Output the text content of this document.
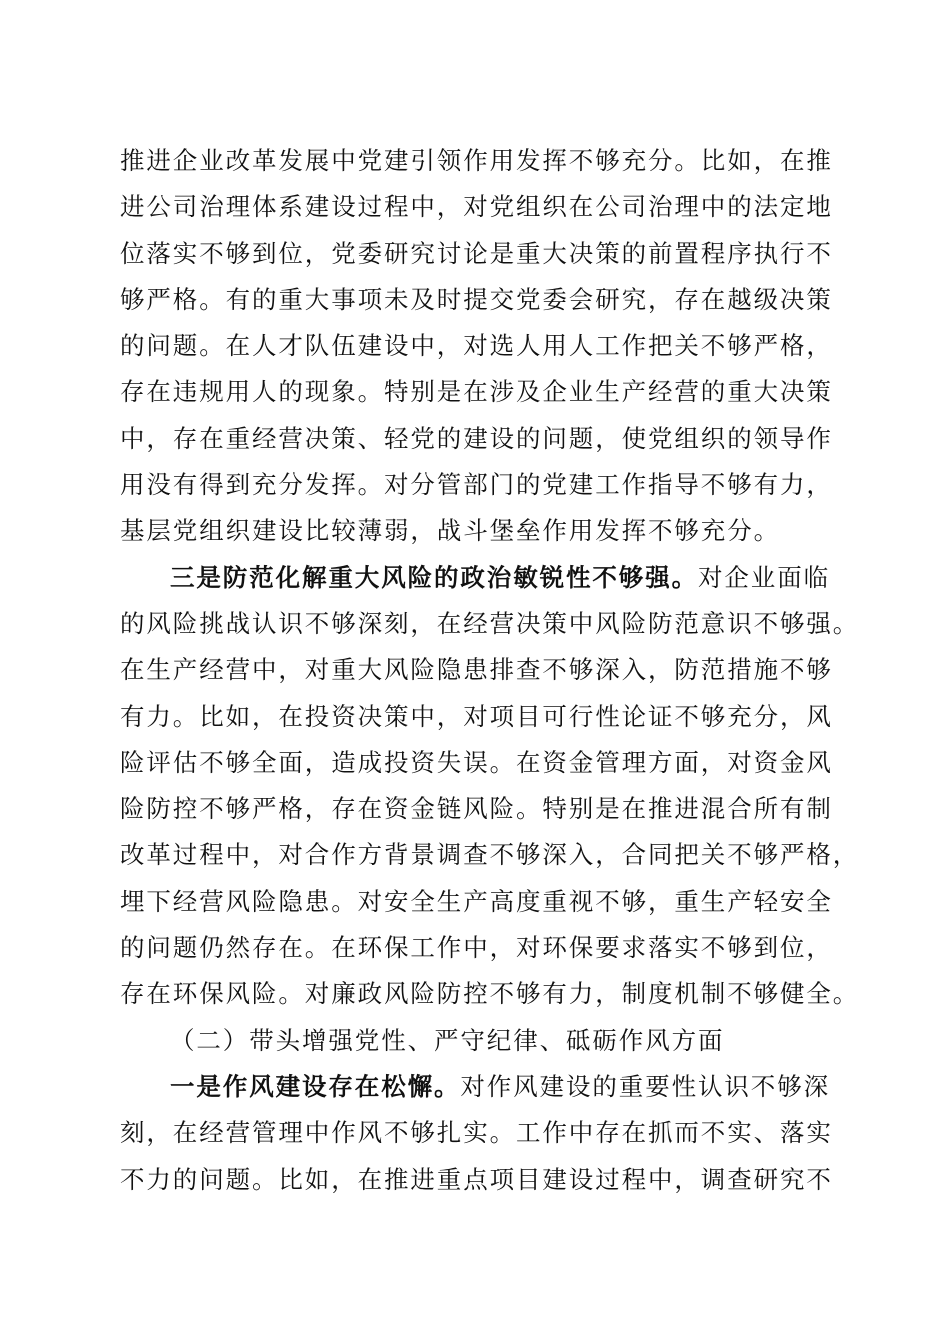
推进企业改革发展中党建引领作用发挥不够充分。比如，在推
进公司治理体系建设过程中，对党组织在公司治理中的法定地
位落实不够到位，党委研究讨论是重大决策的前置程序执行不
够严格。有的重大事项未及时提交党委会研究，存在越级决策
的问题。在人才队伍建设中，对选人用人工作把关不够严格，
存在违规用人的现象。特别是在涉及企业生产经营的重大决策
中，存在重经营决策、轻党的建设的问题，使党组织的领导作
用没有得到充分发挥。对分管部门的党建工作指导不够有力，
基层党组织建设比较薄弱，战斗堡垒作用发挥不够充分。
三是防范化解重大风险的政治敏锐性不够强。对企业面临
的风险挑战认识不够深刻，在经营决策中风险防范意识不够强。
在生产经营中，对重大风险隐患排查不够深入，防范措施不够
有力。比如，在投资决策中，对项目可行性论证不够充分，风
险评估不够全面，造成投资失误。在资金管理方面，对资金风
险防控不够严格，存在资金链风险。特别是在推进混合所有制
改革过程中，对合作方背景调查不够深入，合同把关不够严格，
埋下经营风险隐患。对安全生产高度重视不够，重生产轻安全
的问题仍然存在。在环保工作中，对环保要求落实不够到位，
存在环保风险。对廉政风险防控不够有力，制度机制不够健全。
（二）带头增强党性、严守纪律、砥砺作风方面
一是作风建设存在松懈。对作风建设的重要性认识不够深
刻，在经营管理中作风不够扎实。工作中存在抓而不实、落实
不力的问题。比如，在推进重点项目建设过程中，调查研究不
